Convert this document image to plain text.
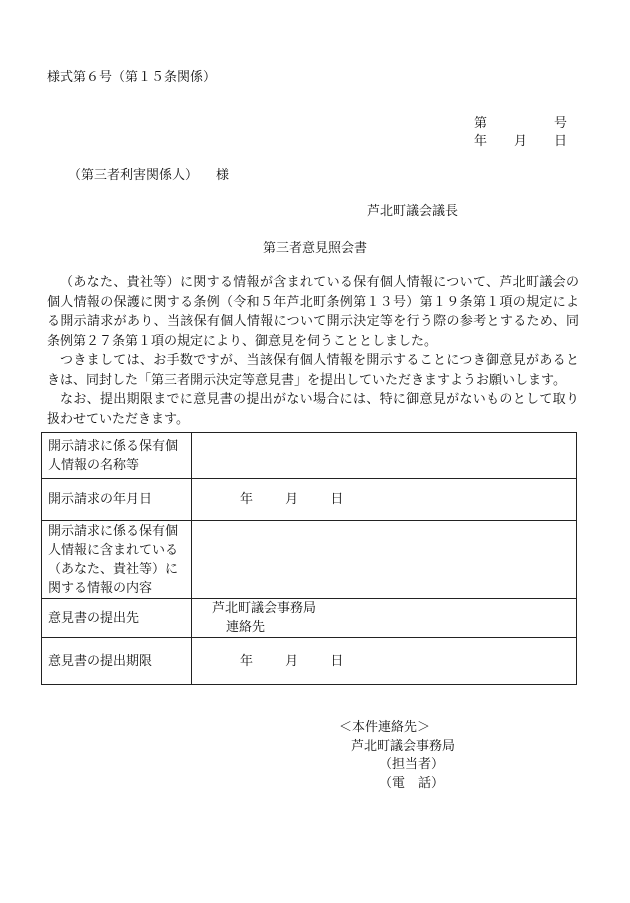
様式第６号（第１５条関係）
第	号
年 月 日
（第三者利害関係人） 様
芦北町議会議長
第三者意見照会書

（あなた、貴社等）に関する情報が含まれている保有個人情報について、芦北町議会の個人情報の保護に関する条例（令和５年芦北町条例第１３号）第１９条第１項の規定による開示請求があり、当該保有個人情報について開示決定等を行う際の参考とするため、同条例第２７条第１項の規定により、御意見を伺うこととしました。

つきましては、お手数ですが、当該保有個人情報を開示することにつき御意見があるときは、同封した「第三者開示決定等意見書」を提出していただきますようお願いします。

なお、提出期限までに意見書の提出がない場合には、特に御意見がないものとして取り扱わせていただきます。

開示請求に係る保有個人情報の名称等	
開示請求の年月日	年 月 日
開示請求に係る保有個人情報に含まれている（あなた、貴社等）に関する情報の内容	
意見書の提出先	芦北町議会事務局
連絡先

意見書の提出期限	年 月 日
＜本件連絡先＞
芦北町議会事務局
（担当者）
（電　話）
